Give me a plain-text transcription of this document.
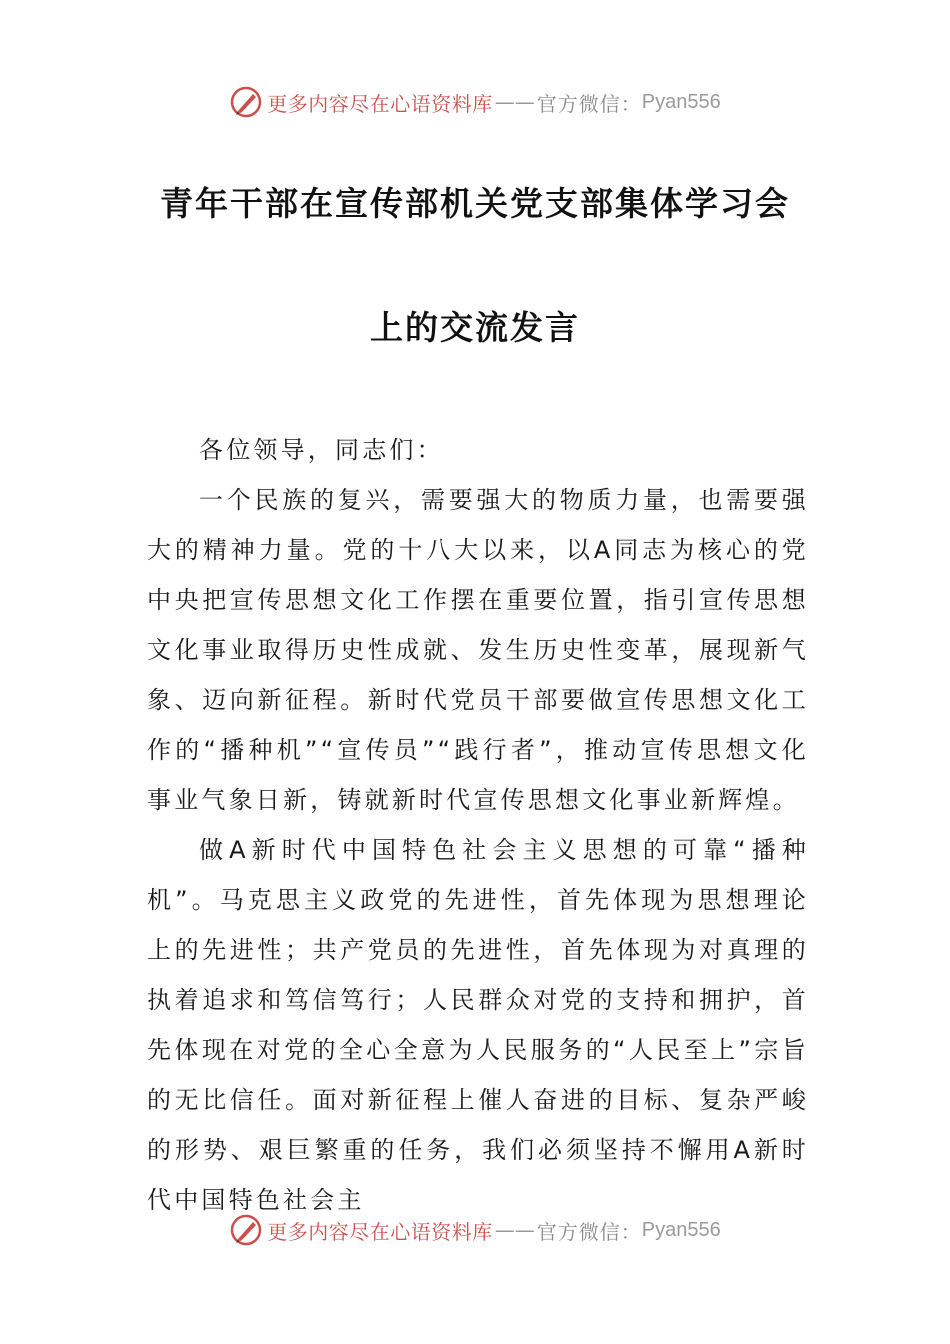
更多内容尽在心语资料库 —— 官方微信： Pyan556
青年干部在宣传部机关党支部集体学习会
上的交流发言

各位领导，同志们：

一个民族的复兴，需要强大的物质力量，也需要强大的精神力量。党的十八大以来，以A同志为核心的党中央把宣传思想文化工作摆在重要位置，指引宣传思想文化事业取得历史性成就、发生历史性变革，展现新气象、迈向新征程。新时代党员干部要做宣传思想文化工作的“播种机”“宣传员”“践行者”，推动宣传思想文化事业气象日新，铸就新时代宣传思想文化事业新辉煌。

做A新时代中国特色社会主义思想的可靠“播种机”。马克思主义政党的先进性，首先体现为思想理论上的先进性；共产党员的先进性，首先体现为对真理的执着追求和笃信笃行；人民群众对党的支持和拥护，首先体现在对党的全心全意为人民服务的“人民至上”宗旨的无比信任。面对新征程上催人奋进的目标、复杂严峻的形势、艰巨繁重的任务，我们必须坚持不懈用A新时代中国特色社会主

更多内容尽在心语资料库 —— 官方微信： Pyan556
